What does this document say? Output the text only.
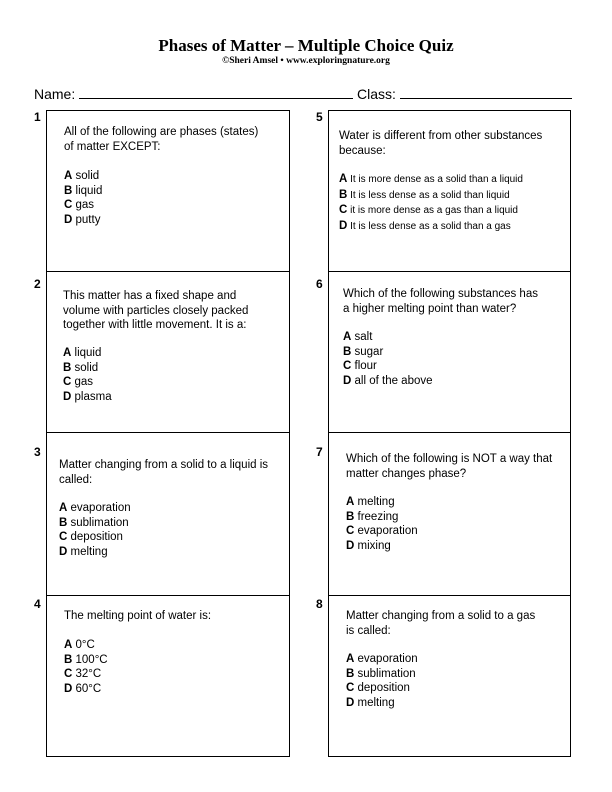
Phases of Matter – Multiple Choice Quiz
©Sheri Amsel • www.exploringnature.org
Name:	Class:
1
All of the following are phases (states)
of matter EXCEPT:
A solid
B liquid
C gas
D putty
2
This matter has a fixed shape and
volume with particles closely packed
together with little movement. It is a:
A liquid
B solid
C gas
D plasma
3
Matter changing from a solid to a liquid is
called:
A evaporation
B sublimation
C deposition
D melting
4
The melting point of water is:
A 0°C
B 100°C
C 32°C
D 60°C
5
Water is different from other substances
because:
A It is more dense as a solid than a liquid
B It is less dense as a solid than liquid
C it is more dense as a gas than a liquid
D It is less dense as a solid than a gas
6
Which of the following substances has
a higher melting point than water?
A salt
B sugar
C flour
D all of the above
7 Which of the following is NOT a way that
matter changes phase?
A melting
B freezing
C evaporation
D mixing
8
Matter changing from a solid to a gas
is called:
A evaporation
B sublimation
C deposition
D melting
